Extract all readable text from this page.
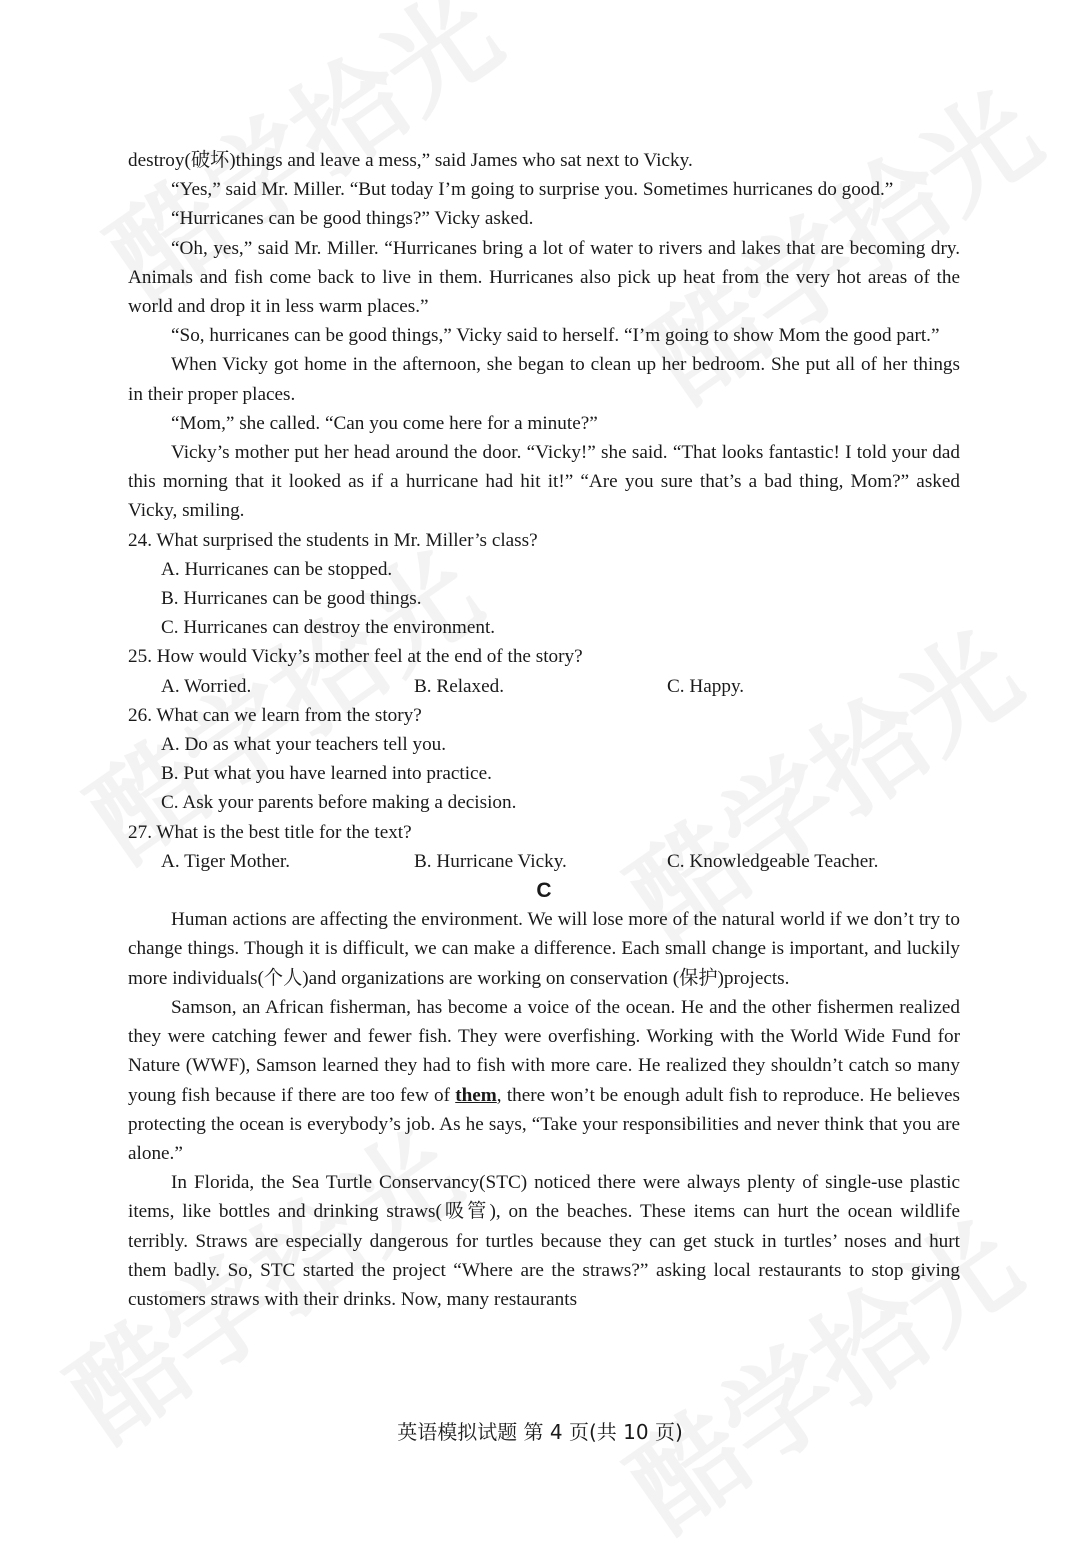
destroy(破坏)things and leave a mess,” said James who sat next to Vicky.

“Yes,” said Mr. Miller. “But today I’m going to surprise you. Sometimes hurricanes do good.”

“Hurricanes can be good things?” Vicky asked.

“Oh, yes,” said Mr. Miller. “Hurricanes bring a lot of water to rivers and lakes that are becoming dry. Animals and fish come back to live in them. Hurricanes also pick up heat from the very hot areas of the world and drop it in less warm places.”

“So, hurricanes can be good things,” Vicky said to herself. “I’m going to show Mom the good part.”

When Vicky got home in the afternoon, she began to clean up her bedroom. She put all of her things in their proper places.

“Mom,” she called. “Can you come here for a minute?”

Vicky’s mother put her head around the door. “Vicky!” she said. “That looks fantastic! I told your dad this morning that it looked as if a hurricane had hit it!” “Are you sure that’s a bad thing, Mom?” asked Vicky, smiling.

24. What surprised the students in Mr. Miller’s class?

A. Hurricanes can be stopped.

B. Hurricanes can be good things.

C. Hurricanes can destroy the environment.

25. How would Vicky’s mother feel at the end of the story?

A. Worried.	B. Relaxed.	C. Happy.

26. What can we learn from the story?

A. Do as what your teachers tell you.

B. Put what you have learned into practice.

C. Ask your parents before making a decision.

27. What is the best title for the text?

A. Tiger Mother.	B. Hurricane Vicky.	C. Knowledgeable Teacher.

C

Human actions are affecting the environment. We will lose more of the natural world if we don’t try to change things. Though it is difficult, we can make a difference. Each small change is important, and luckily more individuals(个人)and organizations are working on conservation (保护)projects.

Samson, an African fisherman, has become a voice of the ocean. He and the other fishermen realized they were catching fewer and fewer fish. They were overfishing. Working with the World Wide Fund for Nature (WWF), Samson learned they had to fish with more care. He realized they shouldn’t catch so many young fish because if there are too few of them, there won’t be enough adult fish to reproduce. He believes protecting the ocean is everybody’s job. As he says, “Take your responsibilities and never think that you are alone.”

In Florida, the Sea Turtle Conservancy(STC) noticed there were always plenty of single-use plastic items, like bottles and drinking straws(吸管), on the beaches. These items can hurt the ocean wildlife terribly. Straws are especially dangerous for turtles because they can get stuck in turtles’ noses and hurt them badly. So, STC started the project “Where are the straws?” asking local restaurants to stop giving customers straws with their drinks. Now, many restaurants

英语模拟试题 第 4 页(共 10 页)
